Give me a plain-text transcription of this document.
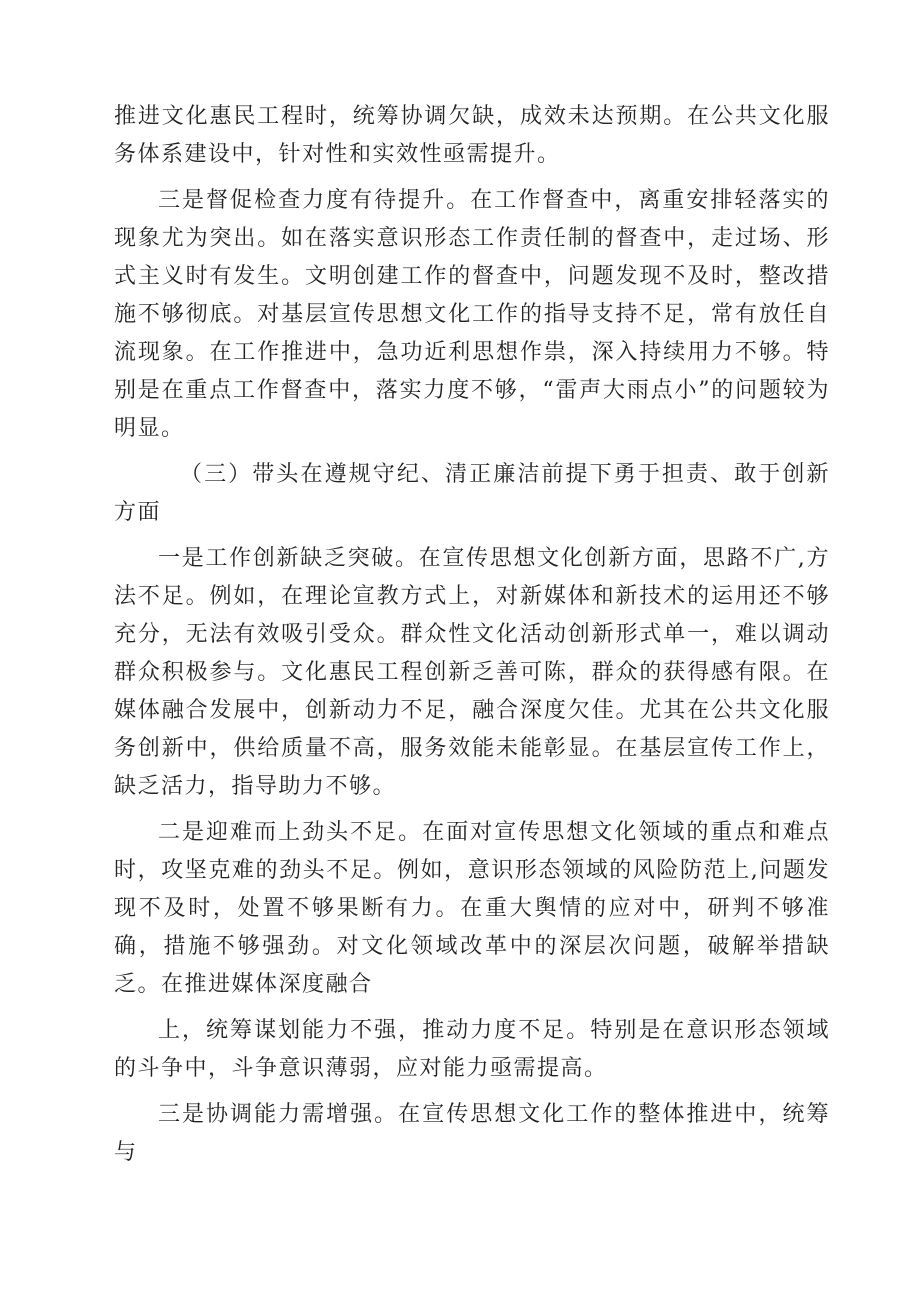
推进文化惠民工程时，统筹协调欠缺，成效未达预期。在公共文化服务体系建设中，针对性和实效性亟需提升。

三是督促检查力度有待提升。在工作督查中，离重安排轻落实的现象尤为突出。如在落实意识形态工作责任制的督查中，走过场、形式主义时有发生。文明创建工作的督查中，问题发现不及时，整改措施不够彻底。对基层宣传思想文化工作的指导支持不足，常有放任自流现象。在工作推进中，急功近利思想作祟，深入持续用力不够。特别是在重点工作督查中，落实力度不够，“雷声大雨点小”的问题较为明显。

（三）带头在遵规守纪、清正廉洁前提下勇于担责、敢于创新方面

一是工作创新缺乏突破。在宣传思想文化创新方面，思路不广,方法不足。例如，在理论宣教方式上，对新媒体和新技术的运用还不够充分，无法有效吸引受众。群众性文化活动创新形式单一，难以调动群众积极参与。文化惠民工程创新乏善可陈，群众的获得感有限。在媒体融合发展中，创新动力不足，融合深度欠佳。尤其在公共文化服务创新中，供给质量不高，服务效能未能彰显。在基层宣传工作上，缺乏活力，指导助力不够。

二是迎难而上劲头不足。在面对宣传思想文化领域的重点和难点时，攻坚克难的劲头不足。例如，意识形态领域的风险防范上,问题发现不及时，处置不够果断有力。在重大舆情的应对中，研判不够准确，措施不够强劲。对文化领域改革中的深层次问题，破解举措缺乏。在推进媒体深度融合

上，统筹谋划能力不强，推动力度不足。特别是在意识形态领域的斗争中，斗争意识薄弱，应对能力亟需提高。

三是协调能力需增强。在宣传思想文化工作的整体推进中，统筹与
